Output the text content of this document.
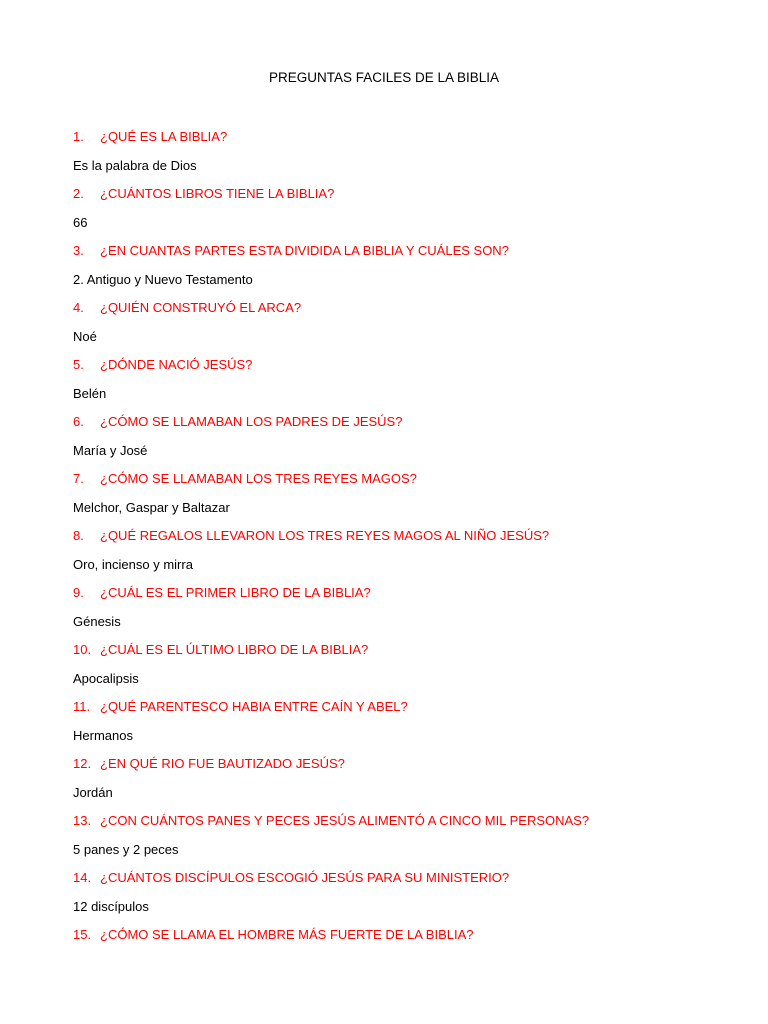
PREGUNTAS FACILES DE LA BIBLIA
1.	¿QUÉ ES LA BIBLIA?
Es la palabra de Dios
2.	¿CUÁNTOS LIBROS TIENE LA BIBLIA?
66
3.	¿EN CUANTAS PARTES ESTA DIVIDIDA LA BIBLIA Y CUÁLES SON?
2. Antiguo y Nuevo Testamento
4.	¿QUIÉN CONSTRUYÓ EL ARCA?
Noé
5.	¿DÓNDE NACIÓ JESÚS?
Belén
6.	¿CÓMO SE LLAMABAN LOS PADRES DE JESÚS?
María y José
7.	¿CÓMO SE LLAMABAN LOS TRES REYES MAGOS?
Melchor, Gaspar y Baltazar
8.	¿QUÉ REGALOS LLEVARON LOS TRES REYES MAGOS AL NIÑO JESÚS?
Oro, incienso y mirra
9.	¿CUÁL ES EL PRIMER LIBRO DE LA BIBLIA?
Génesis
10. ¿CUÁL ES EL ÚLTIMO LIBRO DE LA BIBLIA?
Apocalipsis
11. ¿QUÉ PARENTESCO HABIA ENTRE CAÍN Y ABEL?
Hermanos
12. ¿EN QUÉ RIO FUE BAUTIZADO JESÚS?
Jordán
13. ¿CON CUÁNTOS PANES Y PECES JESÚS ALIMENTÓ A CINCO MIL PERSONAS?
5 panes y 2 peces
14. ¿CUÁNTOS DISCÍPULOS ESCOGIÓ JESÚS PARA SU MINISTERIO?
12 discípulos
15. ¿CÓMO SE LLAMA EL HOMBRE MÁS FUERTE DE LA BIBLIA?
